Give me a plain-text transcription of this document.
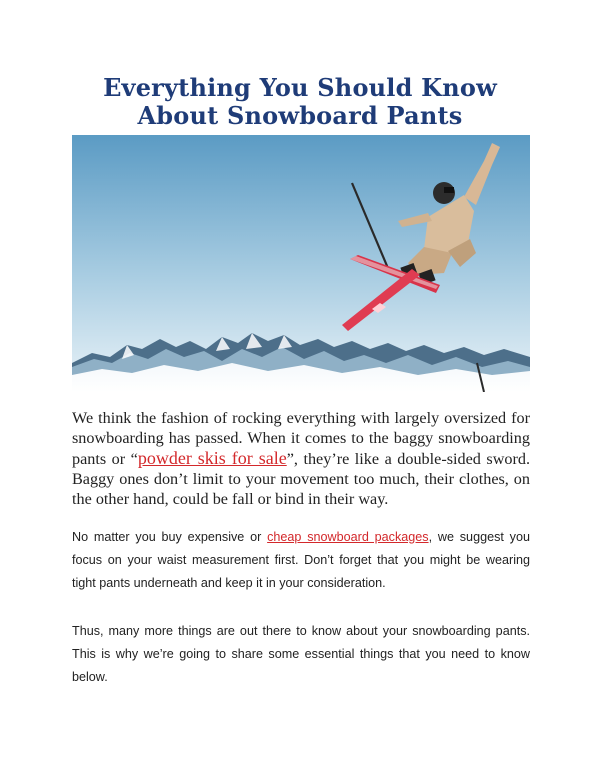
Everything You Should Know
About Snowboard Pants

We think the fashion of rocking everything with largely oversized for snowboarding has passed. When it comes to the baggy snowboarding pants or “powder skis for sale”, they’re like a double-sided sword. Baggy ones don’t limit to your movement too much, their clothes, on the other hand, could be fall or bind in their way.

No matter you buy expensive or cheap snowboard packages, we suggest you focus on your waist measurement first. Don’t forget that you might be wearing tight pants underneath and keep it in your consideration.

Thus, many more things are out there to know about your snowboarding pants. This is why we’re going to share some essential things that you need to know below.
